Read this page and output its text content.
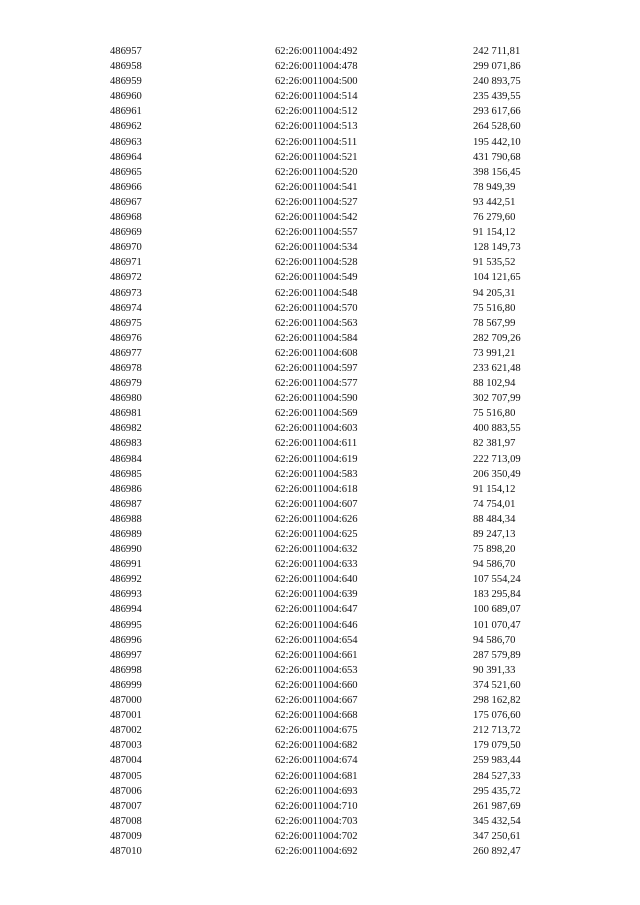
486957	62:26:0011004:492	242 711,81
486958	62:26:0011004:478	299 071,86
486959	62:26:0011004:500	240 893,75
486960	62:26:0011004:514	235 439,55
486961	62:26:0011004:512	293 617,66
486962	62:26:0011004:513	264 528,60
486963	62:26:0011004:511	195 442,10
486964	62:26:0011004:521	431 790,68
486965	62:26:0011004:520	398 156,45
486966	62:26:0011004:541	78 949,39
486967	62:26:0011004:527	93 442,51
486968	62:26:0011004:542	76 279,60
486969	62:26:0011004:557	91 154,12
486970	62:26:0011004:534	128 149,73
486971	62:26:0011004:528	91 535,52
486972	62:26:0011004:549	104 121,65
486973	62:26:0011004:548	94 205,31
486974	62:26:0011004:570	75 516,80
486975	62:26:0011004:563	78 567,99
486976	62:26:0011004:584	282 709,26
486977	62:26:0011004:608	73 991,21
486978	62:26:0011004:597	233 621,48
486979	62:26:0011004:577	88 102,94
486980	62:26:0011004:590	302 707,99
486981	62:26:0011004:569	75 516,80
486982	62:26:0011004:603	400 883,55
486983	62:26:0011004:611	82 381,97
486984	62:26:0011004:619	222 713,09
486985	62:26:0011004:583	206 350,49
486986	62:26:0011004:618	91 154,12
486987	62:26:0011004:607	74 754,01
486988	62:26:0011004:626	88 484,34
486989	62:26:0011004:625	89 247,13
486990	62:26:0011004:632	75 898,20
486991	62:26:0011004:633	94 586,70
486992	62:26:0011004:640	107 554,24
486993	62:26:0011004:639	183 295,84
486994	62:26:0011004:647	100 689,07
486995	62:26:0011004:646	101 070,47
486996	62:26:0011004:654	94 586,70
486997	62:26:0011004:661	287 579,89
486998	62:26:0011004:653	90 391,33
486999	62:26:0011004:660	374 521,60
487000	62:26:0011004:667	298 162,82
487001	62:26:0011004:668	175 076,60
487002	62:26:0011004:675	212 713,72
487003	62:26:0011004:682	179 079,50
487004	62:26:0011004:674	259 983,44
487005	62:26:0011004:681	284 527,33
487006	62:26:0011004:693	295 435,72
487007	62:26:0011004:710	261 987,69
487008	62:26:0011004:703	345 432,54
487009	62:26:0011004:702	347 250,61
487010	62:26:0011004:692	260 892,47
